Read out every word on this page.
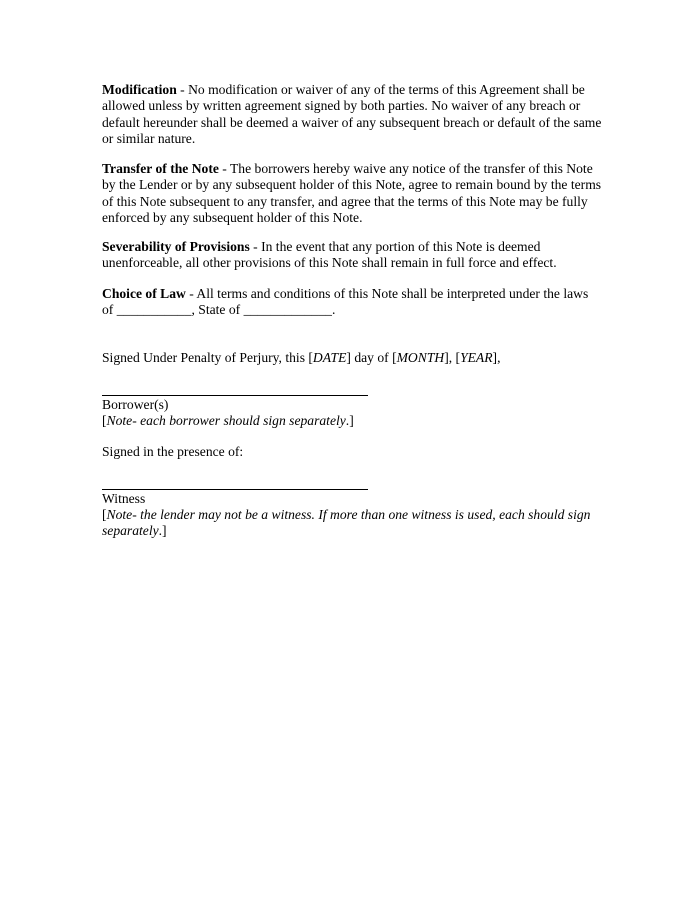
Modification - No modification or waiver of any of the terms of this Agreement shall be allowed unless by written agreement signed by both parties. No waiver of any breach or default hereunder shall be deemed a waiver of any subsequent breach or default of the same or similar nature.

Transfer of the Note - The borrowers hereby waive any notice of the transfer of this Note by the Lender or by any subsequent holder of this Note, agree to remain bound by the terms of this Note subsequent to any transfer, and agree that the terms of this Note may be fully enforced by any subsequent holder of this Note.

Severability of Provisions - In the event that any portion of this Note is deemed unenforceable, all other provisions of this Note shall remain in full force and effect.

Choice of Law - All terms and conditions of this Note shall be interpreted under the laws of ___________, State of _____________.

Signed Under Penalty of Perjury, this [DATE] day of [MONTH], [YEAR],
Borrower(s)
[Note- each borrower should sign separately.]
Signed in the presence of:
Witness
[Note- the lender may not be a witness. If more than one witness is used, each should sign separately.]
